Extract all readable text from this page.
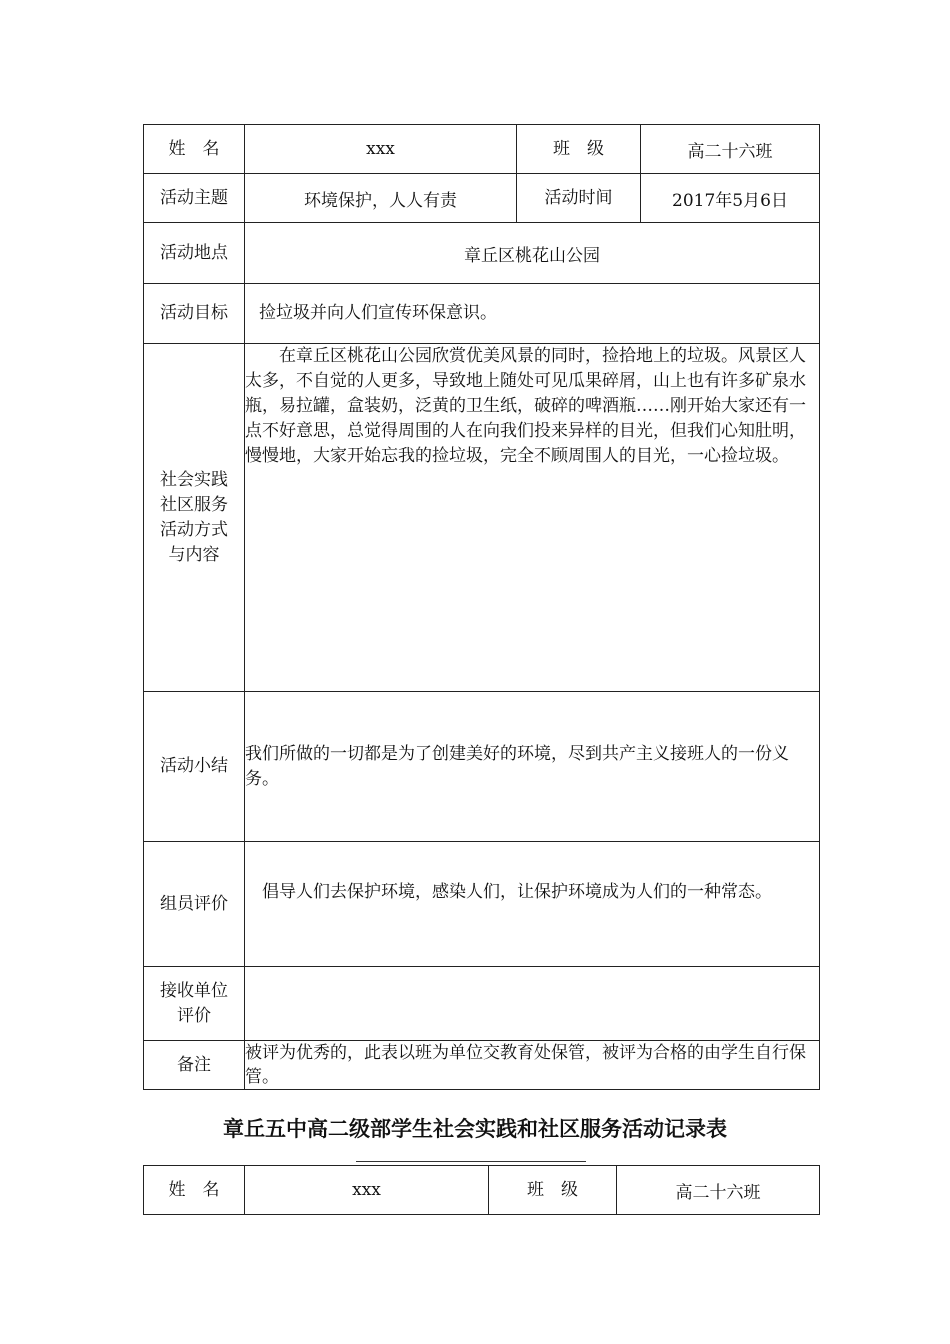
姓　名	xxx	班　级	高二十六班
活动主题	环境保护，人人有责	活动时间	2017年5月6日
活动地点	章丘区桃花山公园		
活动目标	捡垃圾并向人们宣传环保意识。		
社会实践社区服务活动方式与内容	　　在章丘区桃花山公园欣赏优美风景的同时，捡拾地上的垃圾。风景区人太多，不自觉的人更多，导致地上随处可见瓜果碎屑，山上也有许多矿泉水瓶，易拉罐，盒装奶，泛黄的卫生纸，破碎的啤酒瓶……刚开始大家还有一点不好意思，总觉得周围的人在向我们投来异样的目光，但我们心知肚明，慢慢地，大家开始忘我的捡垃圾，完全不顾周围人的目光，一心捡垃圾。		
活动小结	我们所做的一切都是为了创建美好的环境，尽到共产主义接班人的一份义务。		
组员评价	　倡导人们去保护环境，感染人们，让保护环境成为人们的一种常态。		
接收单位评价			
备注	被评为优秀的，此表以班为单位交教育处保管，被评为合格的由学生自行保管。		
章丘五中高二级部学生社会实践和社区服务活动记录表
姓　名	xxx	班　级	高二十六班
